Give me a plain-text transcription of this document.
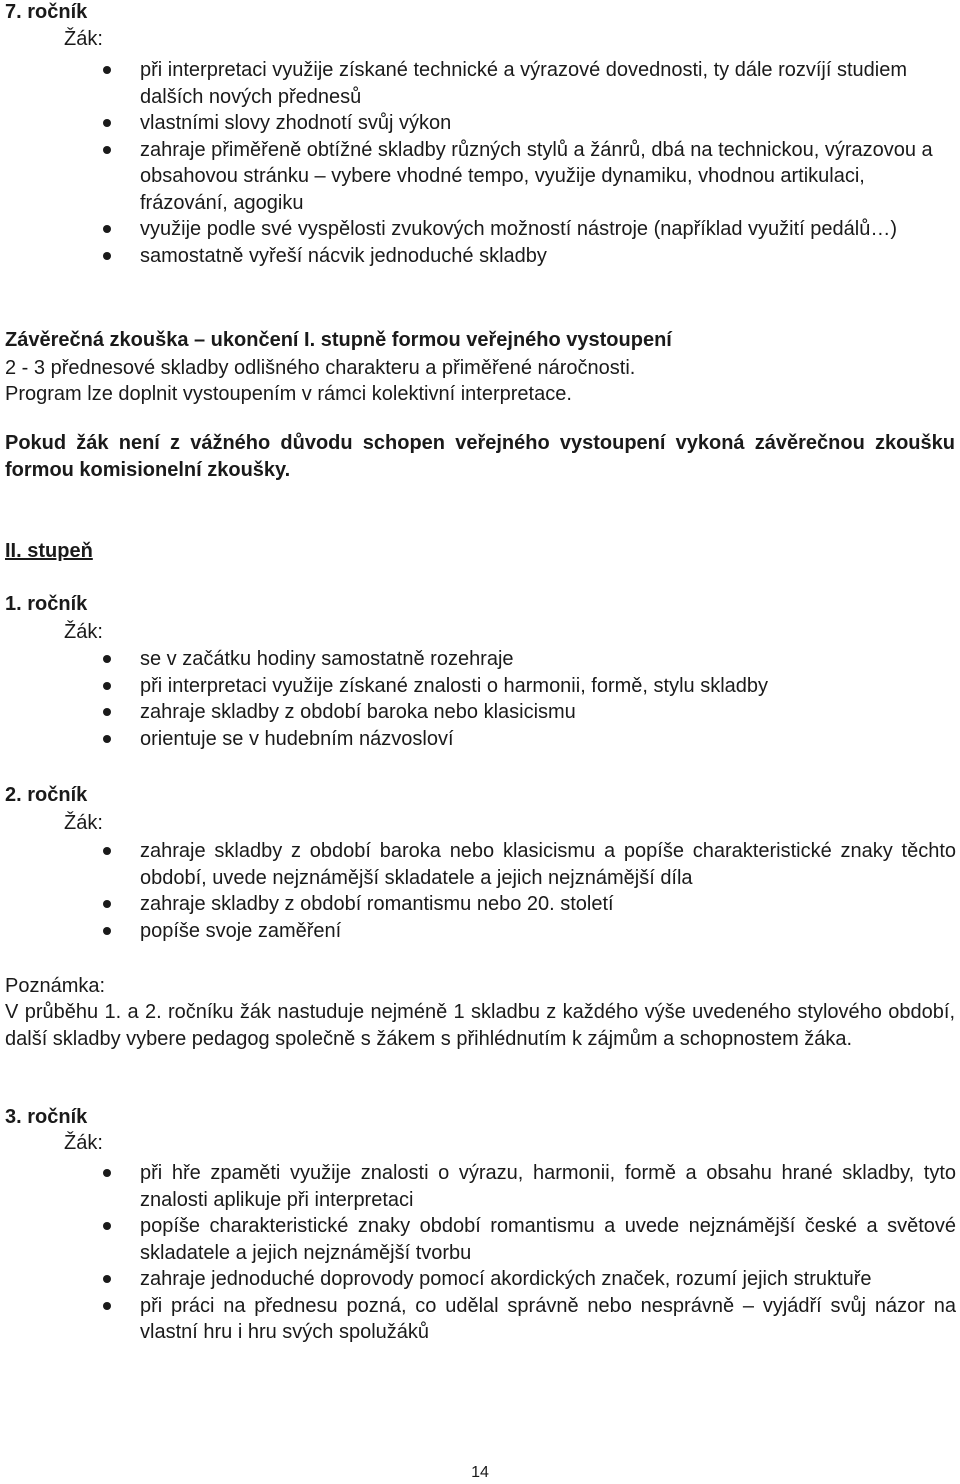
7. ročník

Žák:

při interpretaci využije získané technické a výrazové dovednosti, ty dále rozvíjí studiem dalších nových přednesů
vlastními slovy zhodnotí svůj výkon
zahraje přiměřeně obtížné skladby různých stylů a žánrů, dbá na technickou, výrazovou a obsahovou stránku – vybere vhodné tempo, využije dynamiku, vhodnou artikulaci, frázování, agogiku
využije podle své vyspělosti zvukových možností nástroje (například využití pedálů…)
samostatně vyřeší nácvik jednoduché skladby

Závěrečná zkouška – ukončení I. stupně formou veřejného vystoupení

2 - 3 přednesové skladby odlišného charakteru a přiměřené náročnosti.

Program lze doplnit vystoupením v rámci kolektivní interpretace.

Pokud žák není z vážného důvodu schopen veřejného vystoupení vykoná závěrečnou zkoušku formou komisionelní zkoušky.

II. stupeň

1. ročník

Žák:

se v začátku hodiny samostatně rozehraje
při interpretaci využije získané znalosti o harmonii, formě, stylu skladby
zahraje skladby z období baroka nebo klasicismu
orientuje se v hudebním názvosloví

2. ročník

Žák:

zahraje skladby z období baroka nebo klasicismu a popíše charakteristické znaky těchto období, uvede nejznámější skladatele a jejich nejznámější díla
zahraje skladby z období romantismu nebo 20. století
popíše svoje zaměření

Poznámka:

V průběhu 1. a 2. ročníku žák nastuduje nejméně 1 skladbu z každého výše uvedeného stylového období, další skladby vybere pedagog společně s žákem s přihlédnutím k zájmům a schopnostem žáka.

3. ročník

Žák:

při hře zpaměti využije znalosti o výrazu, harmonii, formě a obsahu hrané skladby, tyto znalosti aplikuje při interpretaci
popíše charakteristické znaky období romantismu a uvede nejznámější české a světové skladatele a jejich nejznámější tvorbu
zahraje jednoduché doprovody pomocí akordických značek, rozumí jejich struktuře
při práci na přednesu pozná, co udělal správně nebo nesprávně – vyjádří svůj názor na vlastní hru i hru svých spolužáků
14
